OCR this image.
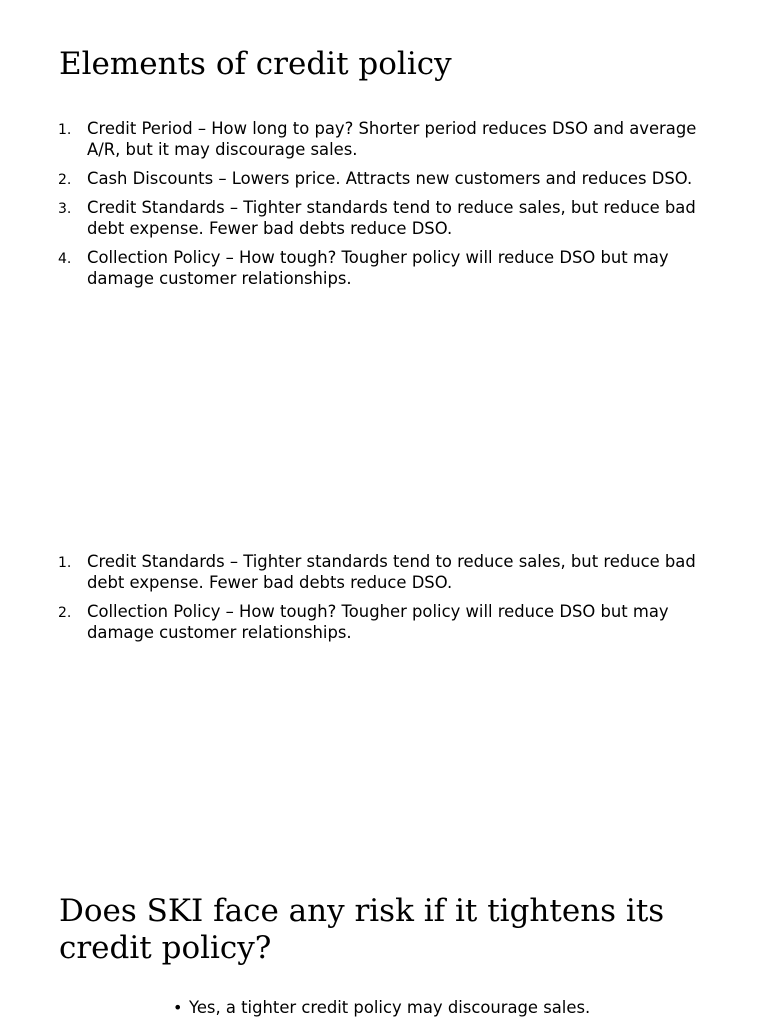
Elements of credit policy
1. Credit Period – How long to pay? Shorter period reduces DSO and average A/R, but it may discourage sales.
2. Cash Discounts – Lowers price. Attracts new customers and reduces DSO.
3. Credit Standards – Tighter standards tend to reduce sales, but reduce bad debt expense. Fewer bad debts reduce DSO.
4. Collection Policy – How tough? Tougher policy will reduce DSO but may damage customer relationships.
1. Credit Standards – Tighter standards tend to reduce sales, but reduce bad debt expense. Fewer bad debts reduce DSO.
2. Collection Policy – How tough? Tougher policy will reduce DSO but may damage customer relationships.
Does SKI face any risk if it tightens its credit policy?
• Yes, a tighter credit policy may discourage sales.
